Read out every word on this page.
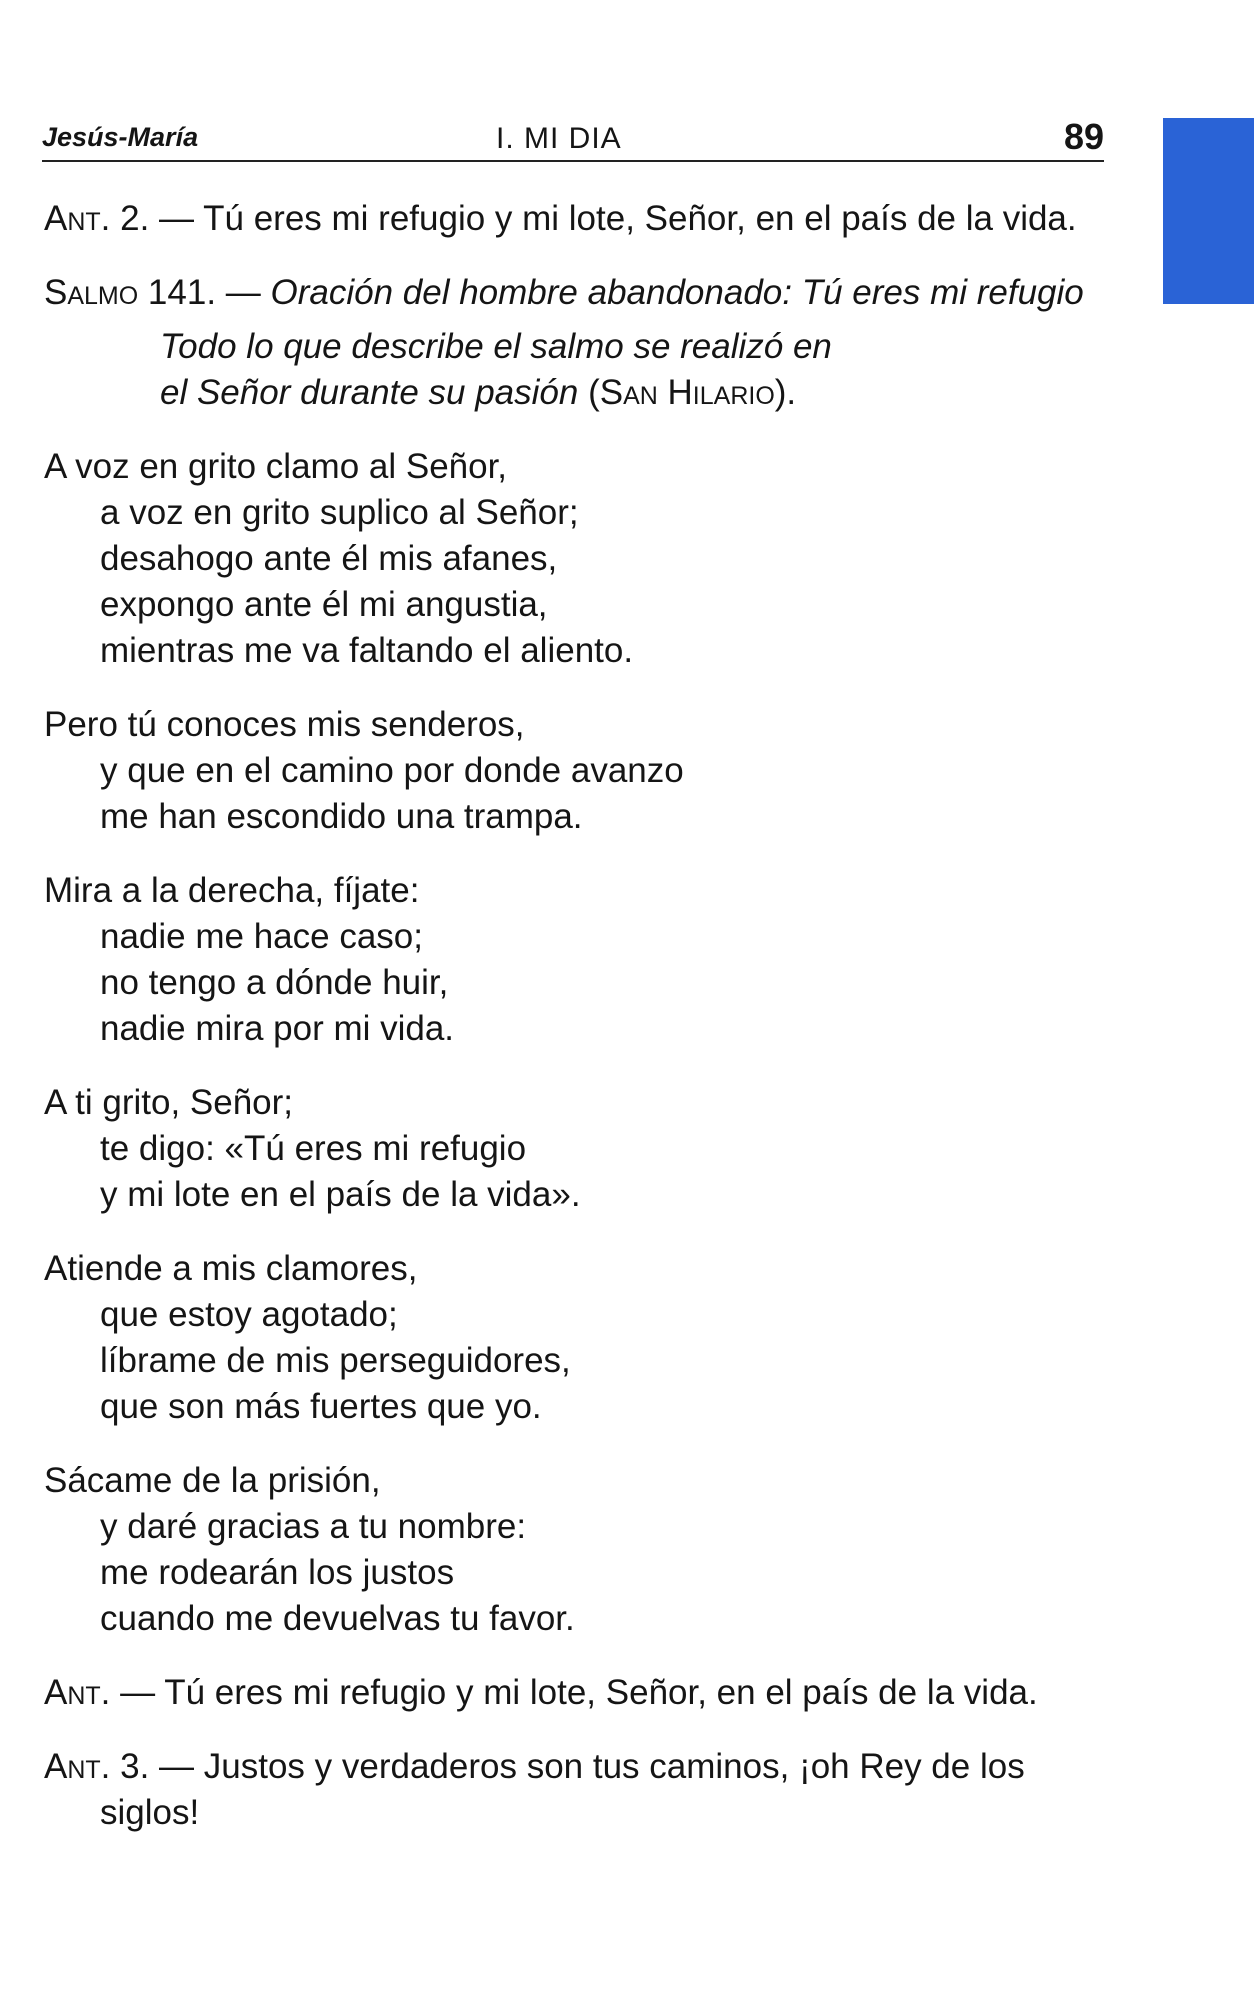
Jesús-María	I. MI DIA	89

Ant. 2. — Tú eres mi refugio y mi lote, Señor, en el país de la vida.

Salmo 141. — Oración del hombre abandonado: Tú eres mi refugio

Todo lo que describe el salmo se realizó en
el Señor durante su pasión (San Hilario).
A voz en grito clamo al Señor,
a voz en grito suplico al Señor;
desahogo ante él mis afanes,
expongo ante él mi angustia,
mientras me va faltando el aliento.
Pero tú conoces mis senderos,
y que en el camino por donde avanzo
me han escondido una trampa.
Mira a la derecha, fíjate:
nadie me hace caso;
no tengo a dónde huir,
nadie mira por mi vida.
A ti grito, Señor;
te digo: «Tú eres mi refugio
y mi lote en el país de la vida».
Atiende a mis clamores,
que estoy agotado;
líbrame de mis perseguidores,
que son más fuertes que yo.
Sácame de la prisión,
y daré gracias a tu nombre:
me rodearán los justos
cuando me devuelvas tu favor.

Ant. — Tú eres mi refugio y mi lote, Señor, en el país de la vida.

Ant. 3. — Justos y verdaderos son tus caminos, ¡oh Rey de los siglos!
